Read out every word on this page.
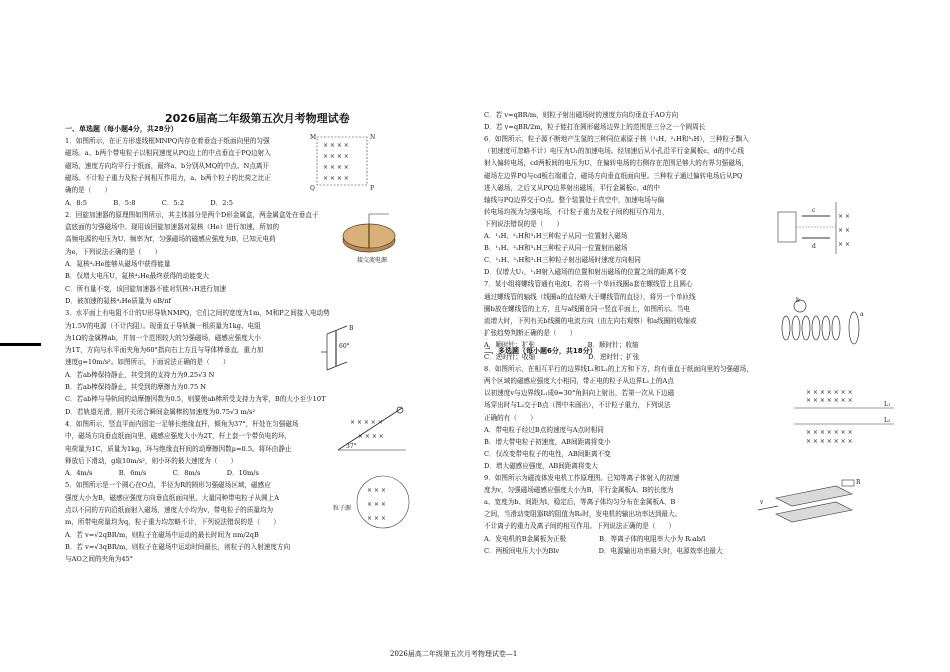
2026届高二年级第五次月考物理试卷
一、单选题（每小题4分，共28分）
二、多选题（每小题6分，共18分）
2026届高二年级第五次月考物理试卷—1
1．如图所示，在正方形虚线框MNPQ内存在着垂直于纸面向里的匀强
磁场。a、b两个带电粒子以相同速度从PQ边上的中点垂直于PQ边射入
磁场，速度方向均平行于纸面，最终a、b分别从MQ的中点、N点离开
磁场。不计粒子重力及粒子间相互作用力，a、b两个粒子的比荷之比正
确的是（　　）
A．8:5　　　　B．5:8　　　　C．5:2　　　　D．2:5
2．回旋加速器的原理图如图所示，其主体部分是两个D形金属盒，两金属盒处在垂直于
盒底面的匀强磁场中。现用该回旋加速器对氦核（He）进行加速，所加的
高频电源的电压为U、频率为f，匀强磁场的磁感应强度为B，已知元电荷
为e，下列说法正确的是（　　）
A．氦核⁴₂He能够从磁场中获得能量
B．仅增大电压U，氦核⁴₂He最终获得的动能变大
C．所有量不变，该回旋加速器不能对氘核²₁H进行加速
D．被加速的氦核⁴₂He质量为 eB/πf
3．水平面上有电阻不计的U形导轨NMPQ，它们之间的宽度为1m，M和P之间接入电动势
为1.5V的电源（不计内阻）。现垂直于导轨搁一根质量为1kg、电阻
为1Ω的金属棒ab，并加一个范围较大的匀强磁场，磁感应强度大小
为1T，方向与水平面夹角为60°指向右上方且与导体棒垂直，重力加
速度g=10m/s²。如图所示，下面说法正确的是（　　）
A．若ab棒保持静止，其受到的支持力为9.25√3 N
B．若ab棒保持静止，其受到的摩擦力为0.75 N
C．若ab棒与导轨间的动摩擦因数为0.5，则要使ab棒所受支持力为零，B的大小至少10T
D．若轨道光滑，刚开关闭合瞬间金属棒的加速度为0.75√3 m/s²
4．如图所示，竖直平面内固定一足够长绝缘直杆，倾角为37°，杆处在匀强磁场
中，磁场方向垂直纸面向里，磁感应强度大小为2T，杆上套一个带负电的环，
电荷量为1C，质量为1kg，环与绝缘直杆间的动摩擦因数μ=0.5。将环由静止
释放后下滑动，g取10m/s²，则小环的最大速度为（　　）
A．4m/s　　　　B．6m/s　　　　C．8m/s　　　　D．10m/s
5．如图所示是一个圆心在O点，半径为R的圆形匀强磁场区域，磁感应
强度大小为B，磁感应强度方向垂直纸面向里。大量同种带电粒子从圆上A
点以不同的方向沿纸面射入磁场，速度大小均为v，带电粒子的质量均为
m，所带电荷量均为q，粒子重力均忽略不计，下列说法错误的是（　　）
A．若 v=√2qBR/m，则粒子在磁场中运动的最长时间为 πm/2qB
B．若 v=√3qBR/m，则粒子在磁场中运动时间最长，则粒子的入射速度方向
与AO之间的夹角为45°
C．若 v=qBR/m，则粒子射出磁场时的速度方向均垂直于AO方向
D．若 v=qBR/2m，粒子能打在圆形磁场边界上的范围是三分之一个圆周长
6．如图所示，粒子源不断地产生氢的三种同位素原子核（¹₁H、²₁H和³₁H），三种粒子飘入
（初速度可忽略不计）电压为U₁的加速电场。经加速后从小孔沿平行金属板c、d的中心线
射入偏转电场，cd两板间的电压为U，在偏转电场的右侧存在范围足够大的有界匀强磁场，
磁场左边界PQ与cd板右端重合，磁场方向垂直纸面向里。三种粒子通过偏转电场后从PQ
进入磁场，之后又从PQ边界射出磁场，平行金属板c、d的中
轴线与PQ边界交于O点。整个装置处于真空中，加速电场与偏
转电场均视为匀强电场，不计粒子重力及粒子间的相互作用力，
下列说法错误的是（　　）
A．¹₁H、²₁H和³₁H三种粒子从同一位置射入磁场
B．¹₁H、²₁H和³₁H三种粒子从同一位置射出磁场
C．¹₁H、²₁H和³₁H三种粒子射出磁场时速度方向相同
D．仅增大U₁，¹₁H射入磁场的位置和射出磁场的位置之间的距离不变
7．某小组将螺线管通有电流I，若将一个单匝线圈a套在螺线管上且圆心
通过螺线管的轴线（线圈a的直径略大于螺线管的直径），将另一个单匝线
圈b放在螺线管的上方，且与a线圈在同一竖直平面上，如图所示。当电
流增大时，下列有关b线圈的电流方向（由左向右观察）和a线圈的收缩或
扩张趋势判断正确的是（　　）
A．顺时针；扩张　　　　　　　　B．顺时针；收缩
C．逆时针；收缩　　　　　　　　D．逆时针；扩张
8．如图所示，在相互平行的边界线L₁和L₂的上方和下方，均有垂直于纸面向里的匀强磁场，
两个区域的磁感应强度大小相同，带正电的粒子从边界L₁上的A点
以初速度v与边界线L₁成θ=30°角斜向上射出，若第一次从下边磁
场穿出时与L₂交于B点（图中未画出），不计粒子重力，下列说法
正确的有（　　）
A．带电粒子经过B点的速度与A点时相同
B．增大带电粒子初速度，AB间距离将变小
C．仅改变带电粒子的电性，AB间距离不变
D．增大磁感应强度，AB间距离将变大
9．如图所示为磁流体发电机工作原理图。已知等离子体射入的初速
度为v，匀强磁场磁感应强度大小为B，平行金属板A、B的长度为
a、宽度为b、间距为l，稳定后，等离子体均匀分布在金属板A、B
之间，当滑动变阻器R的阻值为R₀时，发电机的输出功率达到最大。
不计离子的重力及离子间的相互作用。下列说法正确的是（　　）
A．发电机的B金属板为正极　　　　　B．等离子体的电阻率大小为 R₀ab/l
C．两板间电压大小为Blv　　　　　　D．电源输出功率最大时，电源效率也最大
× × × ×
× × × ×
× × × ×
× × × ×
M	N
Q	P
接交流电源
60°
B
× × × × ×
× × × ×
37°
× × ×
× × ×
× × ×
粒子源
× ×
× ×
× ×
c
d
b
a
× × × × × × ×
× × × × × × ×
× × × × × × ×
× × × × × × ×
L₁
L₂
v
R
